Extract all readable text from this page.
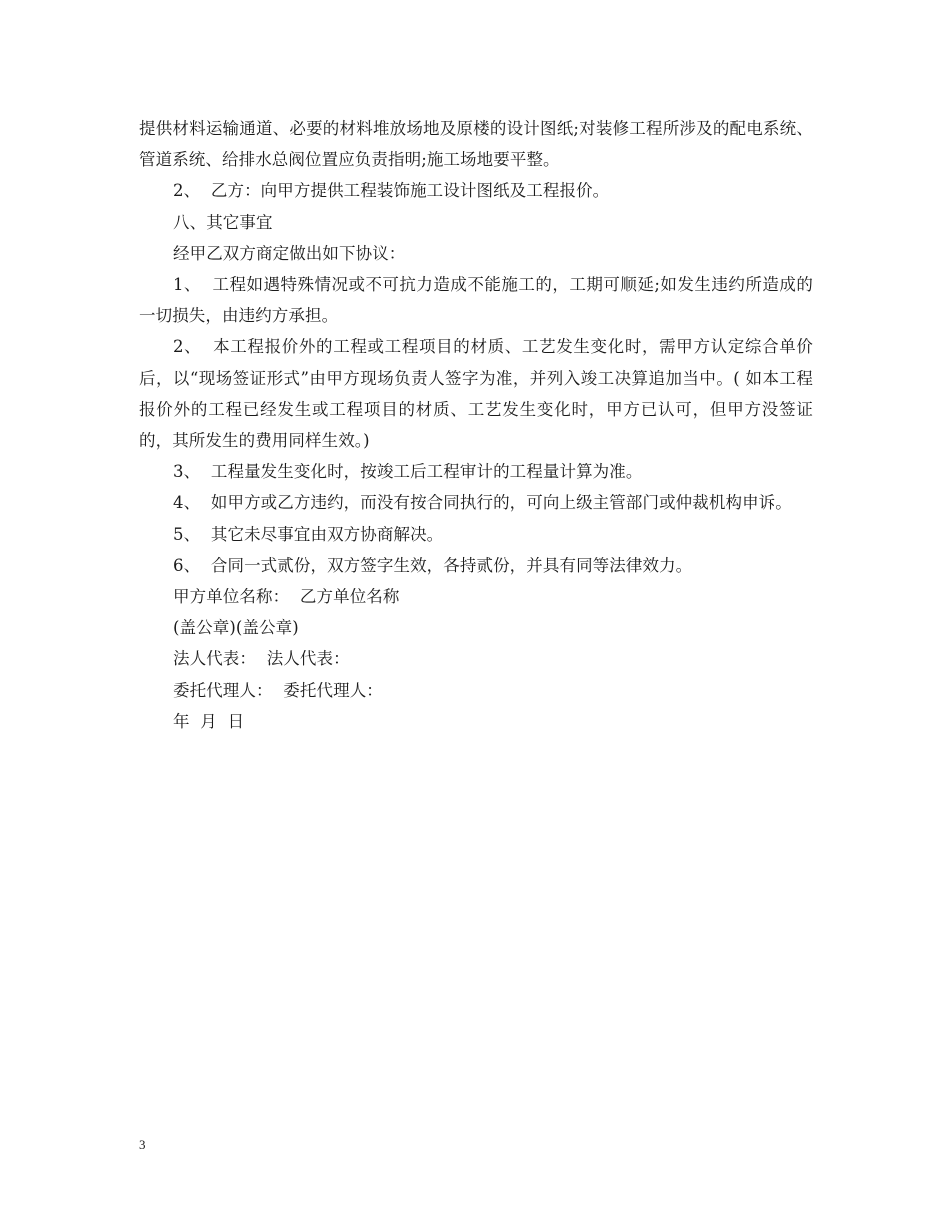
提供材料运输通道、必要的材料堆放场地及原楼的设计图纸;对装修工程所涉及的配电系统、管道系统、给排水总阀位置应负责指明;施工场地要平整。

2、  乙方：向甲方提供工程装饰施工设计图纸及工程报价。

八、其它事宜

经甲乙双方商定做出如下协议：

1、  工程如遇特殊情况或不可抗力造成不能施工的，工期可顺延;如发生违约所造成的一切损失，由违约方承担。

2、  本工程报价外的工程或工程项目的材质、工艺发生变化时，需甲方认定综合单价后，以“现场签证形式”由甲方现场负责人签字为准，并列入竣工决算追加当中。( 如本工程报价外的工程已经发生或工程项目的材质、工艺发生变化时，甲方已认可，但甲方没签证的，其所发生的费用同样生效。)

3、  工程量发生变化时，按竣工后工程审计的工程量计算为准。

4、  如甲方或乙方违约，而没有按合同执行的，可向上级主管部门或仲裁机构申诉。

5、  其它未尽事宜由双方协商解决。

6、  合同一式贰份，双方签字生效，各持贰份，并具有同等法律效力。

甲方单位名称：  乙方单位名称

(盖公章)(盖公章)

法人代表：  法人代表：

委托代理人：  委托代理人：

年  月  日

3
